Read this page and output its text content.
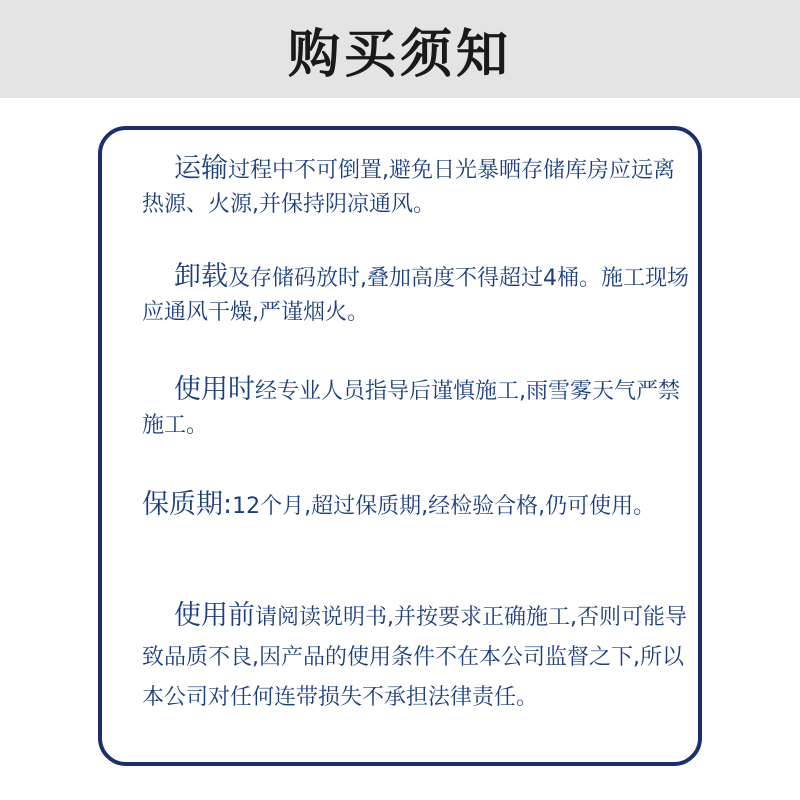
购买须知

运输过程中不可倒置,避免日光暴晒存储库房应远离热源、火源,并保持阴凉通风。

卸载及存储码放时,叠加高度不得超过4桶。施工现场应通风干燥,严谨烟火。

使用时经专业人员指导后谨慎施工,雨雪雾天气严禁施工。

保质期:12个月,超过保质期,经检验合格,仍可使用。

使用前请阅读说明书,并按要求正确施工,否则可能导致品质不良,因产品的使用条件不在本公司监督之下,所以本公司对任何连带损失不承担法律责任。
